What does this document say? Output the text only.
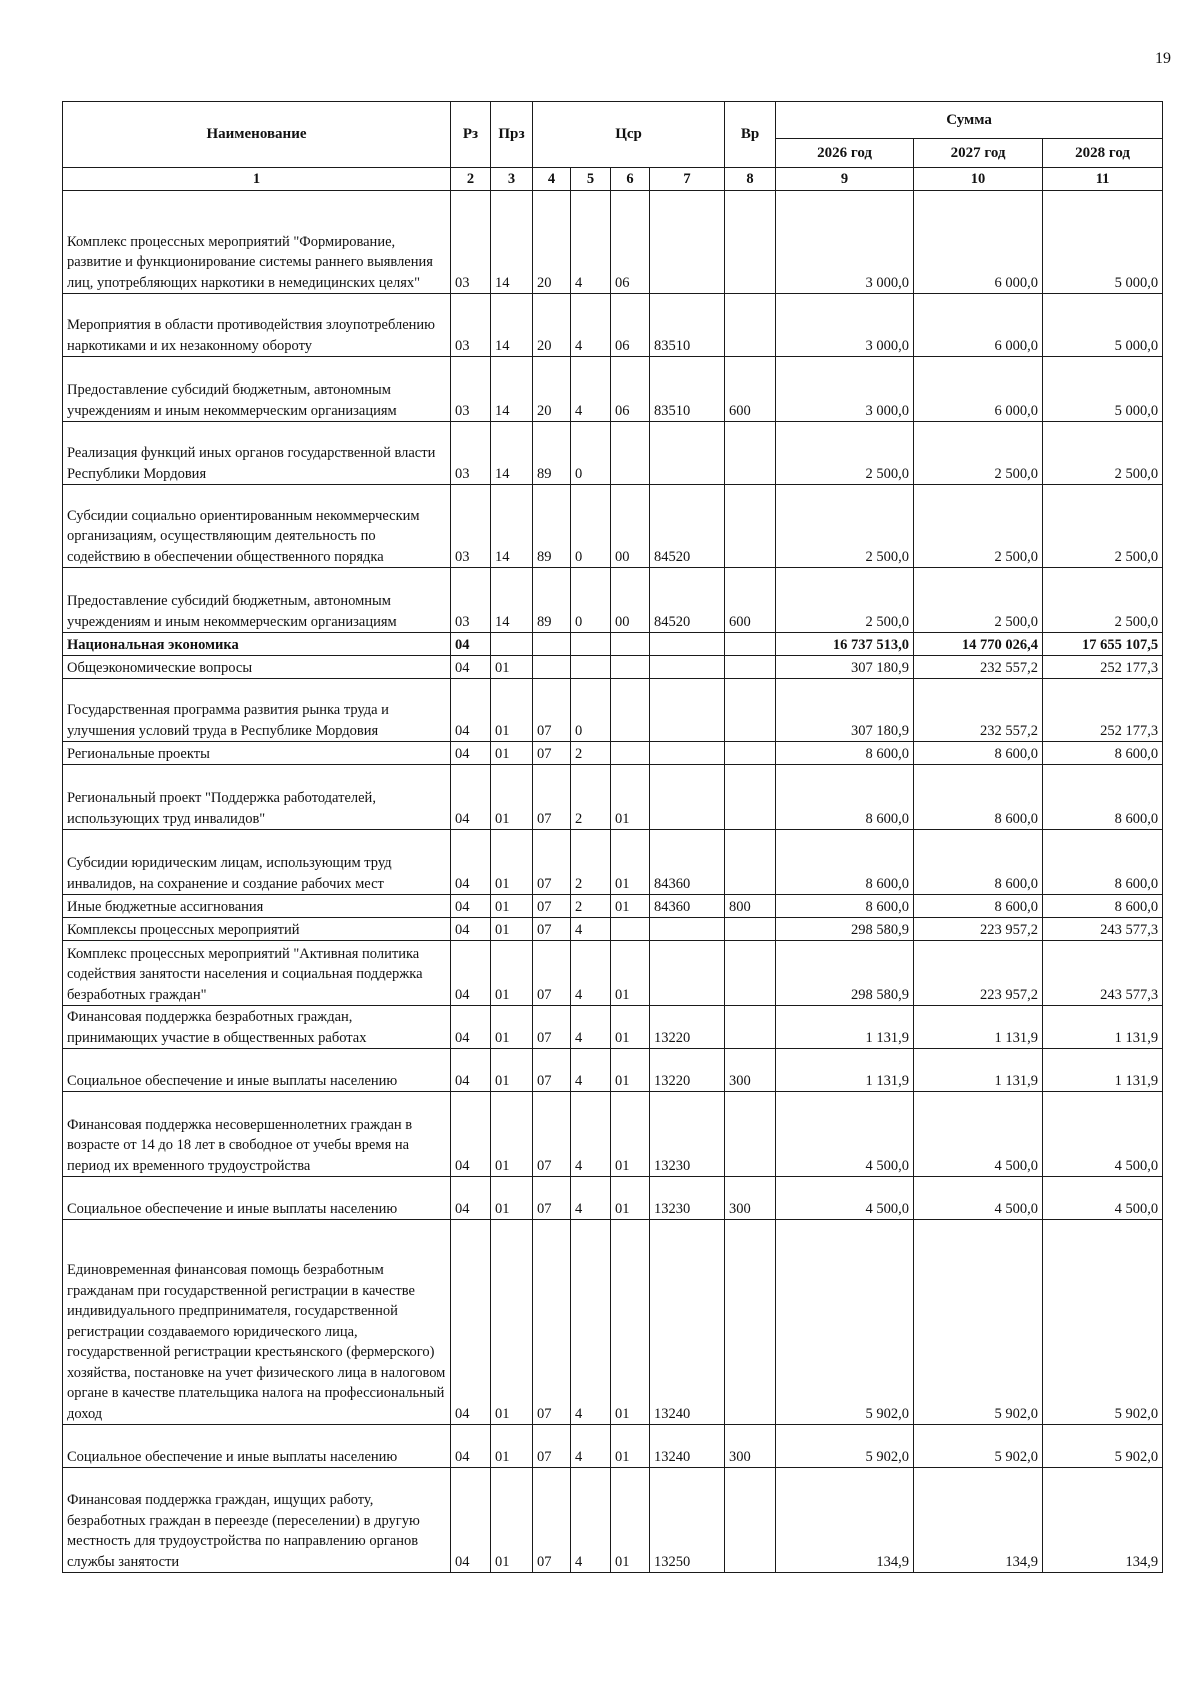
19
Наименование	Рз	Прз	Цср				Вр	Сумма		
								2026 год	2027 год	2028 год
1	2	3	4	5	6	7	8	9	10	11
Комплекс процессных мероприятий "Формирование, развитие и функционирование системы раннего выявления лиц, употребляющих наркотики в немедицинских целях"	03	14	20	4	06			3 000,0	6 000,0	5 000,0
Мероприятия в области противодействия злоупотреблению наркотиками и их незаконному обороту	03	14	20	4	06	83510		3 000,0	6 000,0	5 000,0
Предоставление субсидий бюджетным, автономным учреждениям и иным некоммерческим организациям	03	14	20	4	06	83510	600	3 000,0	6 000,0	5 000,0
Реализация функций иных органов государственной власти Республики Мордовия	03	14	89	0				2 500,0	2 500,0	2 500,0
Субсидии социально ориентированным некоммерческим организациям, осуществляющим деятельность по содействию в обеспечении общественного порядка	03	14	89	0	00	84520		2 500,0	2 500,0	2 500,0
Предоставление субсидий бюджетным, автономным учреждениям и иным некоммерческим организациям	03	14	89	0	00	84520	600	2 500,0	2 500,0	2 500,0
Национальная экономика	04							16 737 513,0	14 770 026,4	17 655 107,5
Общеэкономические вопросы	04	01						307 180,9	232 557,2	252 177,3
Государственная программа развития рынка труда и улучшения условий труда в Республике Мордовия	04	01	07	0				307 180,9	232 557,2	252 177,3
Региональные проекты	04	01	07	2				8 600,0	8 600,0	8 600,0
Региональный проект "Поддержка работодателей, использующих труд инвалидов"	04	01	07	2	01			8 600,0	8 600,0	8 600,0
Субсидии юридическим лицам, использующим труд инвалидов, на сохранение и создание рабочих мест	04	01	07	2	01	84360		8 600,0	8 600,0	8 600,0
Иные бюджетные ассигнования	04	01	07	2	01	84360	800	8 600,0	8 600,0	8 600,0
Комплексы процессных мероприятий	04	01	07	4				298 580,9	223 957,2	243 577,3
Комплекс процессных мероприятий "Активная политика содействия занятости населения и социальная поддержка безработных граждан"	04	01	07	4	01			298 580,9	223 957,2	243 577,3
Финансовая поддержка безработных граждан, принимающих участие в общественных работах	04	01	07	4	01	13220		1 131,9	1 131,9	1 131,9
Социальное обеспечение и иные выплаты населению	04	01	07	4	01	13220	300	1 131,9	1 131,9	1 131,9
Финансовая поддержка несовершеннолетних граждан в возрасте от 14 до 18 лет в свободное от учебы время на период их временного трудоустройства	04	01	07	4	01	13230		4 500,0	4 500,0	4 500,0
Социальное обеспечение и иные выплаты населению	04	01	07	4	01	13230	300	4 500,0	4 500,0	4 500,0
Единовременная финансовая помощь безработным гражданам при государственной регистрации в качестве индивидуального предпринимателя, государственной регистрации создаваемого юридического лица, государственной регистрации крестьянского (фермерского) хозяйства, постановке на учет физического лица в налоговом органе в качестве плательщика налога на профессиональный доход	04	01	07	4	01	13240		5 902,0	5 902,0	5 902,0
Социальное обеспечение и иные выплаты населению	04	01	07	4	01	13240	300	5 902,0	5 902,0	5 902,0
Финансовая поддержка граждан, ищущих работу, безработных граждан в переезде (переселении) в другую местность для трудоустройства по направлению органов службы занятости	04	01	07	4	01	13250		134,9	134,9	134,9
